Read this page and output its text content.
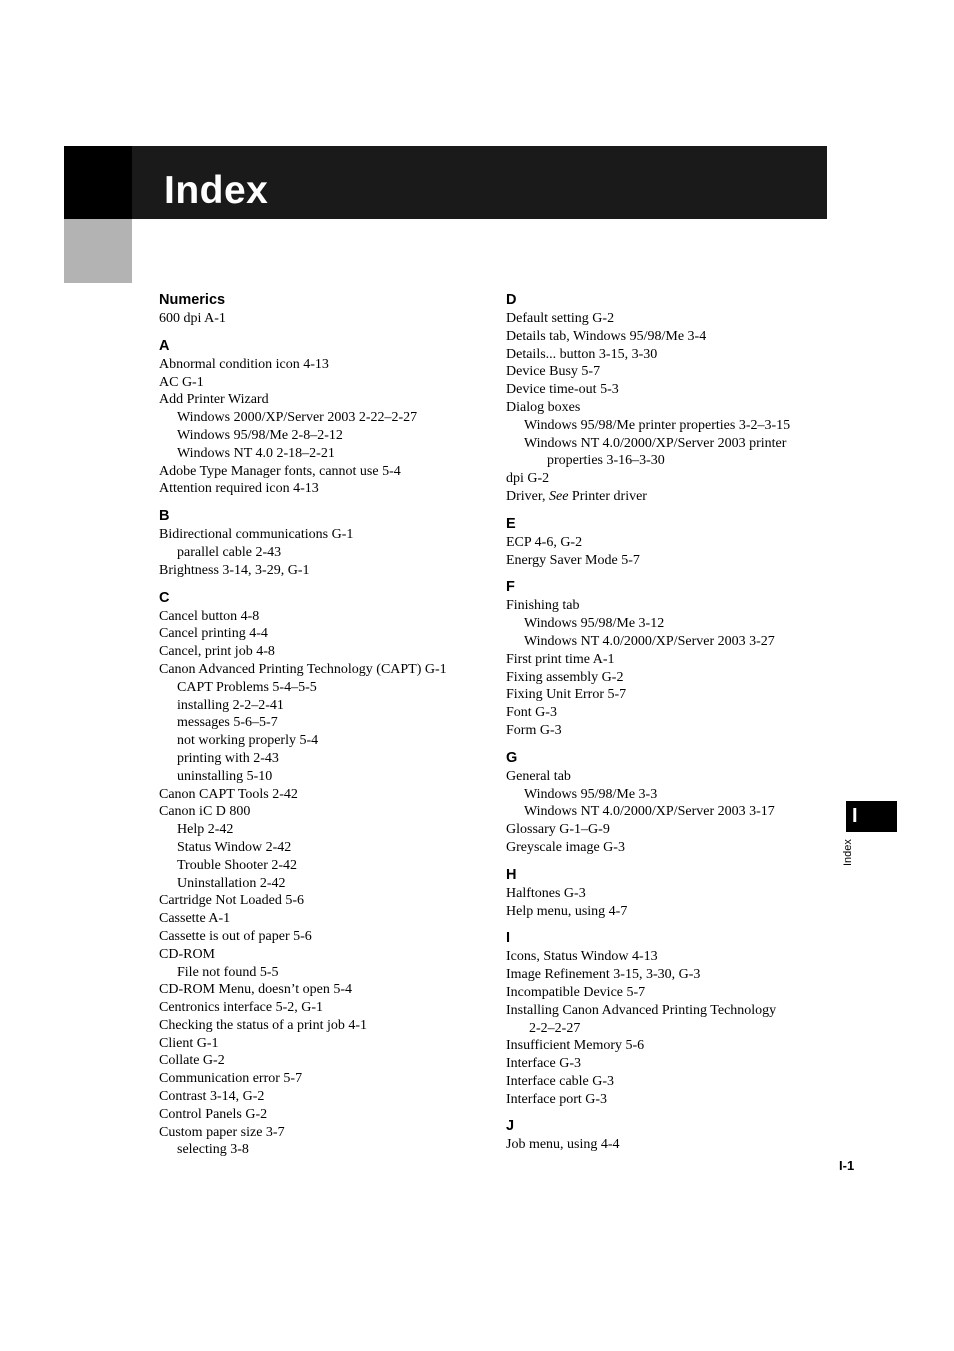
Index
Numerics
600 dpi A-1
A
Abnormal condition icon 4-13
AC G-1
Add Printer Wizard
Windows 2000/XP/Server 2003 2-22–2-27
Windows 95/98/Me 2-8–2-12
Windows NT 4.0 2-18–2-21
Adobe Type Manager fonts, cannot use 5-4
Attention required icon 4-13
B
Bidirectional communications G-1
parallel cable 2-43
Brightness 3-14, 3-29, G-1
C
Cancel button 4-8
Cancel printing 4-4
Cancel, print job 4-8
Canon Advanced Printing Technology (CAPT) G-1
CAPT Problems 5-4–5-5
installing 2-2–2-41
messages 5-6–5-7
not working properly 5-4
printing with 2-43
uninstalling 5-10
Canon CAPT Tools 2-42
Canon iC D 800
Help 2-42
Status Window 2-42
Trouble Shooter 2-42
Uninstallation 2-42
Cartridge Not Loaded 5-6
Cassette A-1
Cassette is out of paper 5-6
CD-ROM
File not found 5-5
CD-ROM Menu, doesn’t open 5-4
Centronics interface 5-2, G-1
Checking the status of a print job 4-1
Client G-1
Collate G-2
Communication error 5-7
Contrast 3-14, G-2
Control Panels G-2
Custom paper size 3-7
selecting 3-8
D
Default setting G-2
Details tab, Windows 95/98/Me 3-4
Details... button 3-15, 3-30
Device Busy 5-7
Device time-out 5-3
Dialog boxes
Windows 95/98/Me printer properties 3-2–3-15
Windows NT 4.0/2000/XP/Server 2003 printer
properties 3-16–3-30
dpi G-2
Driver, See Printer driver
E
ECP 4-6, G-2
Energy Saver Mode 5-7
F
Finishing tab
Windows 95/98/Me 3-12
Windows NT 4.0/2000/XP/Server 2003 3-27
First print time A-1
Fixing assembly G-2
Fixing Unit Error 5-7
Font G-3
Form G-3
G
General tab
Windows 95/98/Me 3-3
Windows NT 4.0/2000/XP/Server 2003 3-17
Glossary G-1–G-9
Greyscale image G-3
H
Halftones G-3
Help menu, using 4-7
I
Icons, Status Window 4-13
Image Refinement 3-15, 3-30, G-3
Incompatible Device 5-7
Installing Canon Advanced Printing Technology
2-2–2-27
Insufficient Memory 5-6
Interface G-3
Interface cable G-3
Interface port G-3
J
Job menu, using 4-4
I
Index
I-1
